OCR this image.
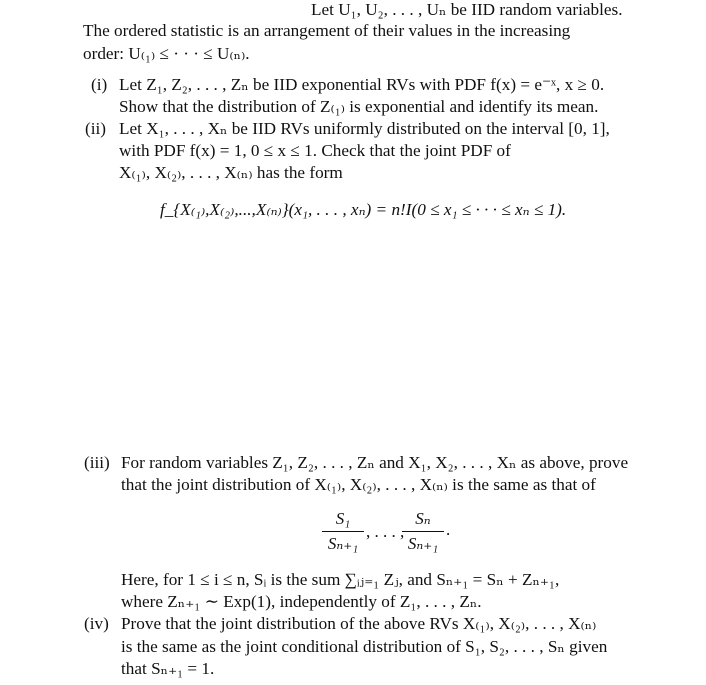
Let U₁, U₂, . . . , Uₙ be IID random variables.
The ordered statistic is an arrangement of their values in the increasing
order: U₍₁₎ ≤ · · · ≤ U₍ₙ₎.
(i) Let Z₁, Z₂, . . . , Zₙ be IID exponential RVs with PDF f(x) = e⁻ˣ, x ≥ 0.
Show that the distribution of Z₍₁₎ is exponential and identify its mean.
(ii) Let X₁, . . . , Xₙ be IID RVs uniformly distributed on the interval [0, 1],
with PDF f(x) = 1, 0 ≤ x ≤ 1. Check that the joint PDF of
X₍₁₎, X₍₂₎, . . . , X₍ₙ₎ has the form
f_{X₍₁₎,X₍₂₎,...,X₍ₙ₎}(x₁, . . . , xₙ) = n!I(0 ≤ x₁ ≤ · · · ≤ xₙ ≤ 1).
(iii) For random variables Z₁, Z₂, . . . , Zₙ and X₁, X₂, . . . , Xₙ as above, prove
that the joint distribution of X₍₁₎, X₍₂₎, . . . , X₍ₙ₎ is the same as that of
S₁
Sₙ₊₁
, . . . ,
Sₙ
Sₙ₊₁
.
Here, for 1 ≤ i ≤ n, Sᵢ is the sum ∑ᵢⱼ₌₁ Zⱼ, and Sₙ₊₁ = Sₙ + Zₙ₊₁,
where Zₙ₊₁ ∼ Exp(1), independently of Z₁, . . . , Zₙ.
(iv) Prove that the joint distribution of the above RVs X₍₁₎, X₍₂₎, . . . , X₍ₙ₎
is the same as the joint conditional distribution of S₁, S₂, . . . , Sₙ given
that Sₙ₊₁ = 1.
